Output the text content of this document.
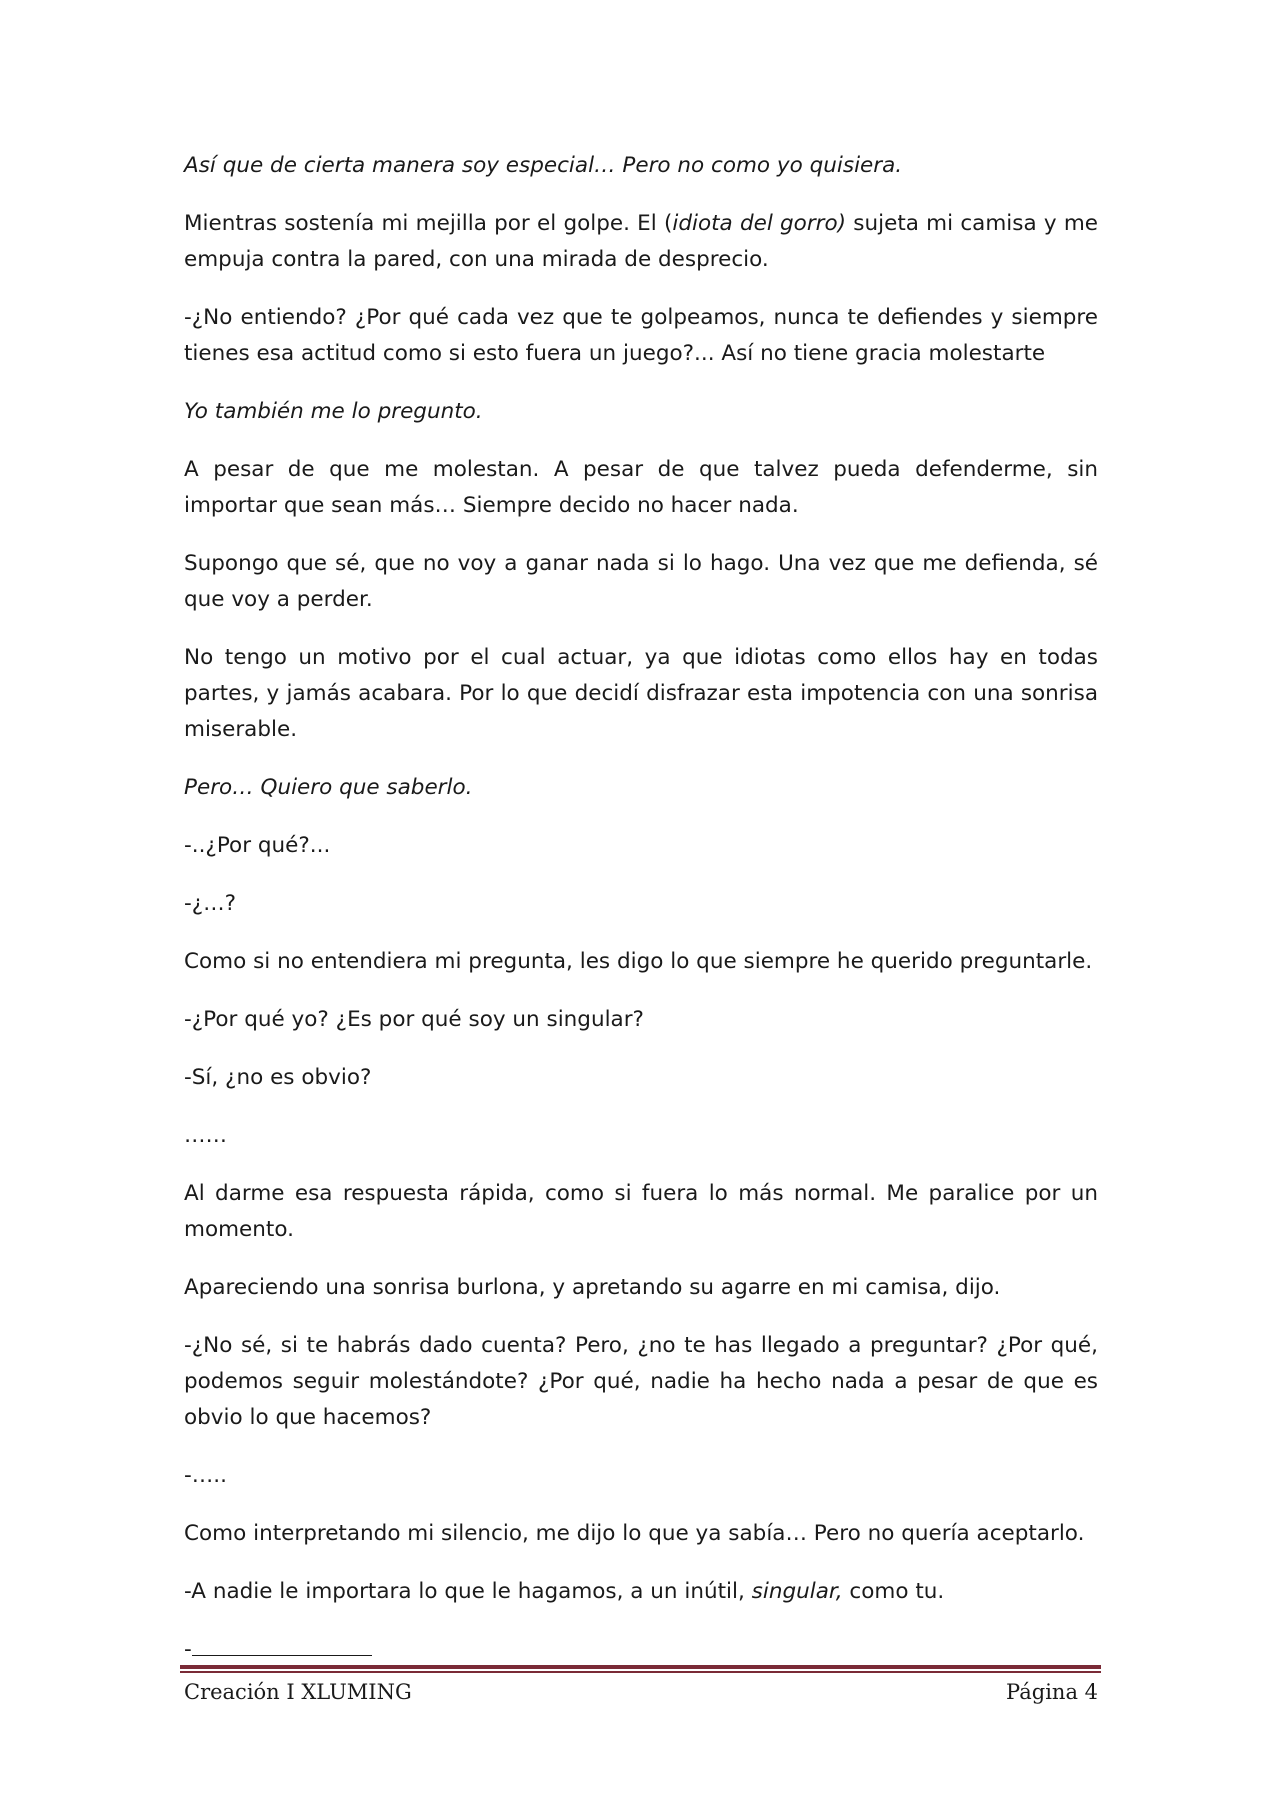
Así que de cierta manera soy especial… Pero no como yo quisiera.

Mientras sostenía mi mejilla por el golpe. El (idiota del gorro) sujeta mi camisa y me empuja contra la pared, con una mirada de desprecio.

-¿No entiendo? ¿Por qué cada vez que te golpeamos, nunca te defiendes y siempre tienes esa actitud como si esto fuera un juego?... Así no tiene gracia molestarte

Yo también me lo pregunto.

A pesar de que me molestan. A pesar de que talvez pueda defenderme, sin importar que sean más… Siempre decido no hacer nada.

Supongo que sé, que no voy a ganar nada si lo hago. Una vez que me defienda, sé que voy a perder.

No tengo un motivo por el cual actuar, ya que idiotas como ellos hay en todas partes, y jamás acabara. Por lo que decidí disfrazar esta impotencia con una sonrisa miserable.

Pero… Quiero que saberlo.

-..¿Por qué?...

-¿…?

Como si no entendiera mi pregunta, les digo lo que siempre he querido preguntarle.

-¿Por qué yo? ¿Es por qué soy un singular?

-Sí, ¿no es obvio?

……

Al darme esa respuesta rápida, como si fuera lo más normal. Me paralice por un momento.

Apareciendo una sonrisa burlona, y apretando su agarre en mi camisa, dijo.

-¿No sé, si te habrás dado cuenta? Pero, ¿no te has llegado a preguntar? ¿Por qué, podemos seguir molestándote? ¿Por qué, nadie ha hecho nada a pesar de que es obvio lo que hacemos?

-…..

Como interpretando mi silencio, me dijo lo que ya sabía… Pero no quería aceptarlo.

-A nadie le importara lo que le hagamos, a un inútil, singular, como tu.

-

Creación I XLUMING	Página 4
